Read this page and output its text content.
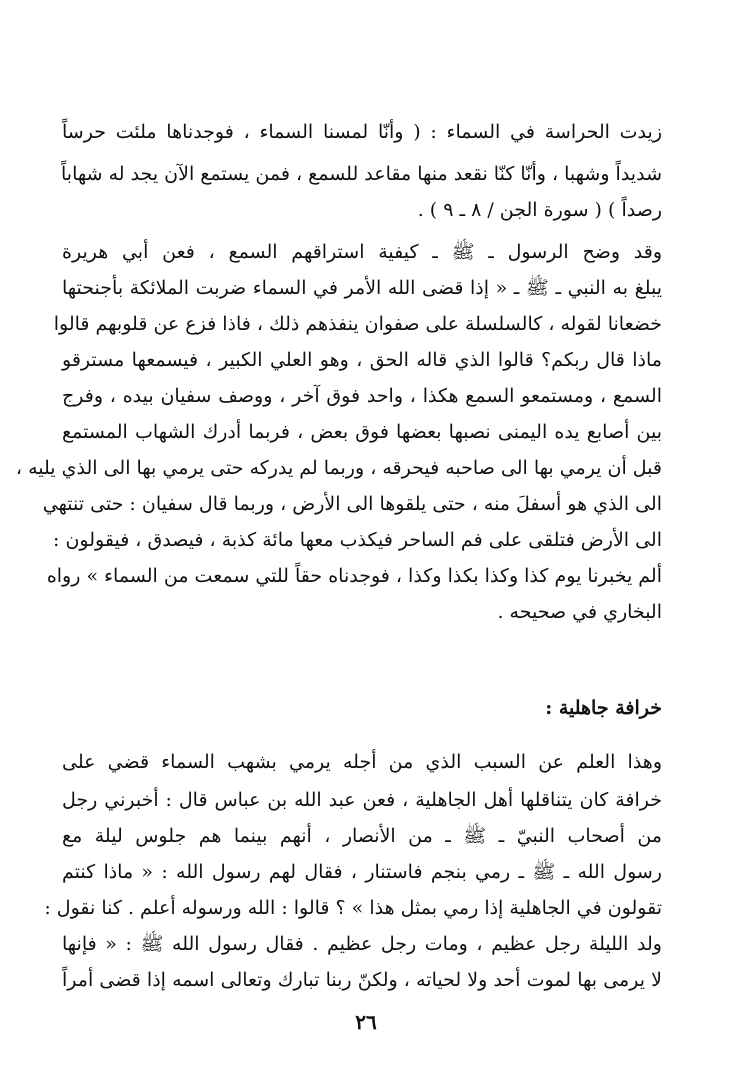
زيدت الحراسة في السماء : ( وأنّا لمسنا السماء ، فوجدناها ملئت حرساً
شديداً وشهبا ، وأنّا كنّا نقعد منها مقاعد للسمع ، فمن يستمع الآن يجد له شهاباً
رصداً ) ( سورة الجن / ٨ ـ ٩ ) .
وقد وضح الرسول ـ ﷺ ـ كيفية استراقهم السمع ، فعن أبي هريرة
يبلغ به النبي ـ ﷺ ـ « إذا قضى الله الأمر في السماء ضربت الملائكة بأجنحتها
خضعانا لقوله ، كالسلسلة على صفوان ينفذهم ذلك ، فاذا فزع عن قلوبهم قالوا
ماذا قال ربكم؟ قالوا الذي قاله الحق ، وهو العلي الكبير ، فيسمعها مسترقو
السمع ، ومستمعو السمع هكذا ، واحد فوق آخر ، ووصف سفيان بيده ، وفرج
بين أصابع يده اليمنى نصبها بعضها فوق بعض ، فربما أدرك الشهاب المستمع
قبل أن يرمي بها الى صاحبه فيحرقه ، وربما لم يدركه حتى يرمي بها الى الذي يليه ،
الى الذي هو أسفلَ منه ، حتى يلقوها الى الأرض ، وربما قال سفيان : حتى تنتهي
الى الأرض فتلقى على فم الساحر فيكذب معها مائة كذبة ، فيصدق ، فيقولون :
ألم يخبرنا يوم كذا وكذا بكذا وكذا ، فوجدناه حقاً للتي سمعت من السماء » رواه
البخاري في صحيحه .
خرافة جاهلية :
وهذا العلم عن السبب الذي من أجله يرمي بشهب السماء قضي على
خرافة كان يتناقلها أهل الجاهلية ، فعن عبد الله بن عباس قال : أخبرني رجل
من أصحاب النبيّ ـ ﷺ ـ من الأنصار ، أنهم بينما هم جلوس ليلة مع
رسول الله ـ ﷺ ـ رمي بنجم فاستنار ، فقال لهم رسول الله : « ماذا كنتم
تقولون في الجاهلية إذا رمي بمثل هذا » ؟ قالوا : الله ورسوله أعلم . كنا نقول :
ولد الليلة رجل عظيم ، ومات رجل عظيم . فقال رسول الله ﷺ : « فإنها
لا يرمى بها لموت أحد ولا لحياته ، ولكنّ ربنا تبارك وتعالى اسمه إذا قضى أمراً
٢٦
